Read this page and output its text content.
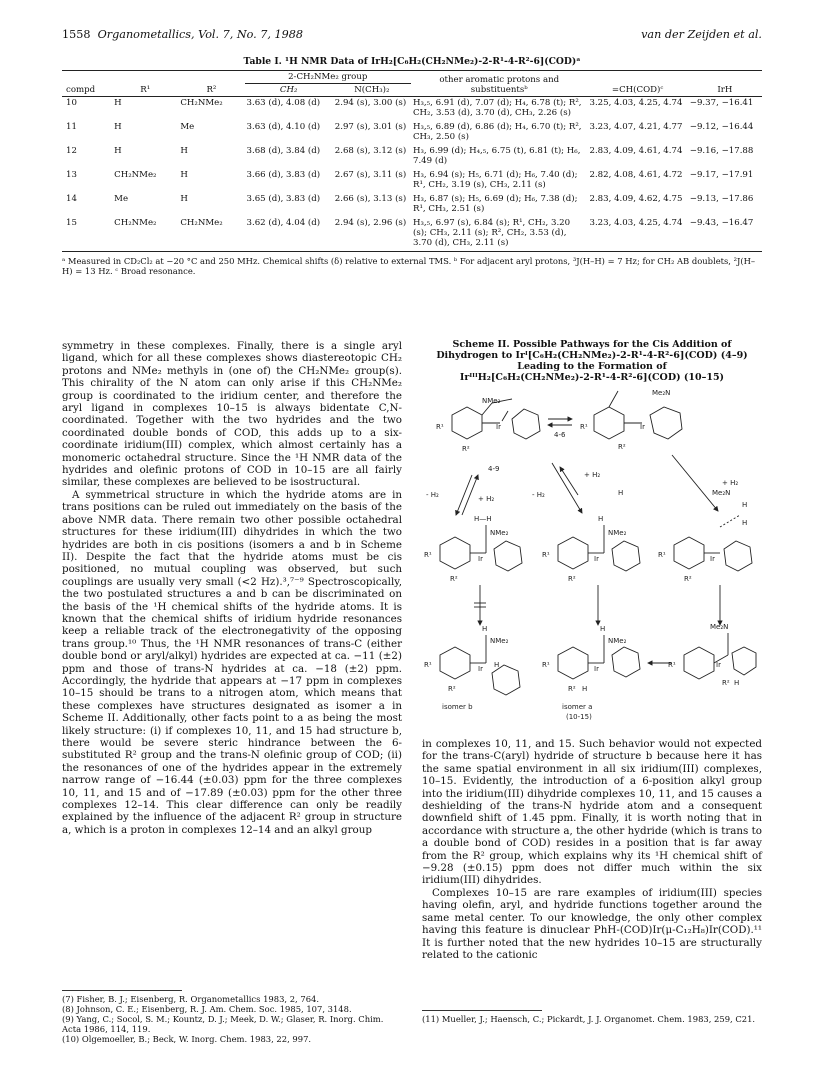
1558 Organometallics, Vol. 7, No. 7, 1988	van der Zeijden et al.
Table I. ¹H NMR Data of IrH₂[C₆H₂(CH₂NMe₂)-2-R¹-4-R²-6](COD)ᵃ
compd	R¹	R²	2-CH₂NMe₂ group		other aromatic protons and substituentsᵇ	=CH(COD)ᶜ	IrH
			CH₂	N(CH₃)₂			
10	H	CH₂NMe₂	3.63 (d), 4.08 (d)	2.94 (s), 3.00 (s)	H₃,₅, 6.91 (d), 7.07 (d); H₄, 6.78 (t); R², CH₂, 3.53 (d), 3.70 (d), CH₃, 2.26 (s)	3.25, 4.03, 4.25, 4.74	−9.37, −16.41
11	H	Me	3.63 (d), 4.10 (d)	2.97 (s), 3.01 (s)	H₃,₅, 6.89 (d), 6.86 (d); H₄, 6.70 (t); R², CH₃, 2.50 (s)	3.23, 4.07, 4.21, 4.77	−9.12, −16.44
12	H	H	3.68 (d), 3.84 (d)	2.68 (s), 3.12 (s)	H₃, 6.99 (d); H₄,₅, 6.75 (t), 6.81 (t); H₆, 7.49 (d)	2.83, 4.09, 4.61, 4.74	−9.16, −17.88
13	CH₂NMe₂	H	3.66 (d), 3.83 (d)	2.67 (s), 3.11 (s)	H₃, 6.94 (s); H₅, 6.71 (d); H₆, 7.40 (d); R¹, CH₂, 3.19 (s), CH₃, 2.11 (s)	2.82, 4.08, 4.61, 4.72	−9.17, −17.91
14	Me	H	3.65 (d), 3.83 (d)	2.66 (s), 3.13 (s)	H₃, 6.87 (s); H₅, 6.69 (d); H₆, 7.38 (d); R¹, CH₃, 2.51 (s)	2.83, 4.09, 4.62, 4.75	−9.13, −17.86
15	CH₂NMe₂	CH₂NMe₂	3.62 (d), 4.04 (d)	2.94 (s), 2.96 (s)	H₃,₅, 6.97 (s), 6.84 (s); R¹, CH₂, 3.20 (s); CH₃, 2.11 (s); R², CH₂, 3.53 (d), 3.70 (d), CH₃, 2.11 (s)	3.23, 4.03, 4.25, 4.74	−9.43, −16.47
ᵃ Measured in CD₂Cl₂ at −20 °C and 250 MHz. Chemical shifts (δ) relative to external TMS. ᵇ For adjacent aryl protons, ³J(H–H) = 7 Hz; for CH₂ AB doublets, ²J(H–H) = 13 Hz. ᶜ Broad resonance.

symmetry in these complexes. Finally, there is a single aryl ligand, which for all these complexes shows diastereotopic CH₂ protons and NMe₂ methyls in (one of) the CH₂NMe₂ group(s). This chirality of the N atom can only arise if this CH₂NMe₂ group is coordinated to the iridium center, and therefore the aryl ligand in complexes 10–15 is always bidentate C,N-coordinated. Together with the two hydrides and the two coordinated double bonds of COD, this adds up to a six-coordinate iridium(III) complex, which almost certainly has a monomeric octahedral structure. Since the ¹H NMR data of the hydrides and olefinic protons of COD in 10–15 are all fairly similar, these complexes are believed to be isostructural.

A symmetrical structure in which the hydride atoms are in trans positions can be ruled out immediately on the basis of the above NMR data. There remain two other possible octahedral structures for these iridium(III) dihydrides in which the two hydrides are both in cis positions (isomers a and b in Scheme II). Despite the fact that the hydride atoms must be cis positioned, no mutual coupling was observed, but such couplings are usually very small (<2 Hz).³,⁷⁻⁹ Spectroscopically, the two postulated structures a and b can be discriminated on the basis of the ¹H chemical shifts of the hydride atoms. It is known that the chemical shifts of iridium hydride resonances keep a reliable track of the electronegativity of the opposing trans group.¹⁰ Thus, the ¹H NMR resonances of trans-C (either double bond or aryl/alkyl) hydrides are expected at ca. −11 (±2) ppm and those of trans-N hydrides at ca. −18 (±2) ppm. Accordingly, the hydride that appears at −17 ppm in complexes 10–15 should be trans to a nitrogen atom, which means that these complexes have structures designated as isomer a in Scheme II. Additionally, other facts point to a as being the most likely structure: (i) if complexes 10, 11, and 15 had structure b, there would be severe steric hindrance between the 6-substituted R² group and the trans-N olefinic group of COD; (ii) the resonances of one of the hydrides appear in the extremely narrow range of −16.44 (±0.03) ppm for the three complexes 10, 11, and 15 and of −17.89 (±0.03) ppm for the other three complexes 12–14. This clear difference can only be readily explained by the influence of the adjacent R² group in structure a, which is a proton in complexes 12–14 and an alkyl group

Scheme II. Possible Pathways for the Cis Addition of
Dihydrogen to Irᴵ[C₆H₂(CH₂NMe₂)-2-R¹-4-R²-6](COD) (4–9)
Leading to the Formation of
IrᴵᴵᴵH₂[C₆H₂(CH₂NMe₂)-2-R¹-4-R²-6](COD) (10–15)
NMe₂
R¹
R²
Ir
4-6
R¹
R²
Ir
Me₂N
4-9
- H₂	+ H₂	- H₂
+ H₂
+ H₂
H—H
NMe₂
R¹
R²
Ir
H
H
NMe₂
R¹
R²
Ir
Me₂N
H
H
R¹
R²
Ir
H
NMe₂
R¹
R²
Ir H
H
NMe₂
R¹
R²
Ir
H
Me₂N
R¹
R² H
Ir
isomer b	isomer a
(10-15)

in complexes 10, 11, and 15. Such behavior would not expected for the trans-C(aryl) hydride of structure b because here it has the same spatial environment in all six iridium(III) complexes, 10–15. Evidently, the introduction of a 6-position alkyl group into the iridium(III) dihydride complexes 10, 11, and 15 causes a deshielding of the trans-N hydride atom and a consequent downfield shift of 1.45 ppm. Finally, it is worth noting that in accordance with structure a, the other hydride (which is trans to a double bond of COD) resides in a position that is far away from the R² group, which explains why its ¹H chemical shift of −9.28 (±0.15) ppm does not differ much within the six iridium(III) dihydrides.

Complexes 10–15 are rare examples of iridium(III) species having olefin, aryl, and hydride functions together around the same metal center. To our knowledge, the only other complex having this feature is dinuclear PhH-(COD)Ir(μ-C₁₂H₈)Ir(COD).¹¹ It is further noted that the new hydrides 10–15 are structurally related to the cationic

(7) Fisher, B. J.; Eisenberg, R. Organometallics 1983, 2, 764.
(8) Johnson, C. E.; Eisenberg, R. J. Am. Chem. Soc. 1985, 107, 3148.
(9) Yang, C.; Socol, S. M.; Kountz, D. J.; Meek, D. W.; Glaser, R. Inorg. Chim. Acta 1986, 114, 119.
(10) Olgemoeller, B.; Beck, W. Inorg. Chem. 1983, 22, 997.
(11) Mueller, J.; Haensch, C.; Pickardt, J. J. Organomet. Chem. 1983, 259, C21.
